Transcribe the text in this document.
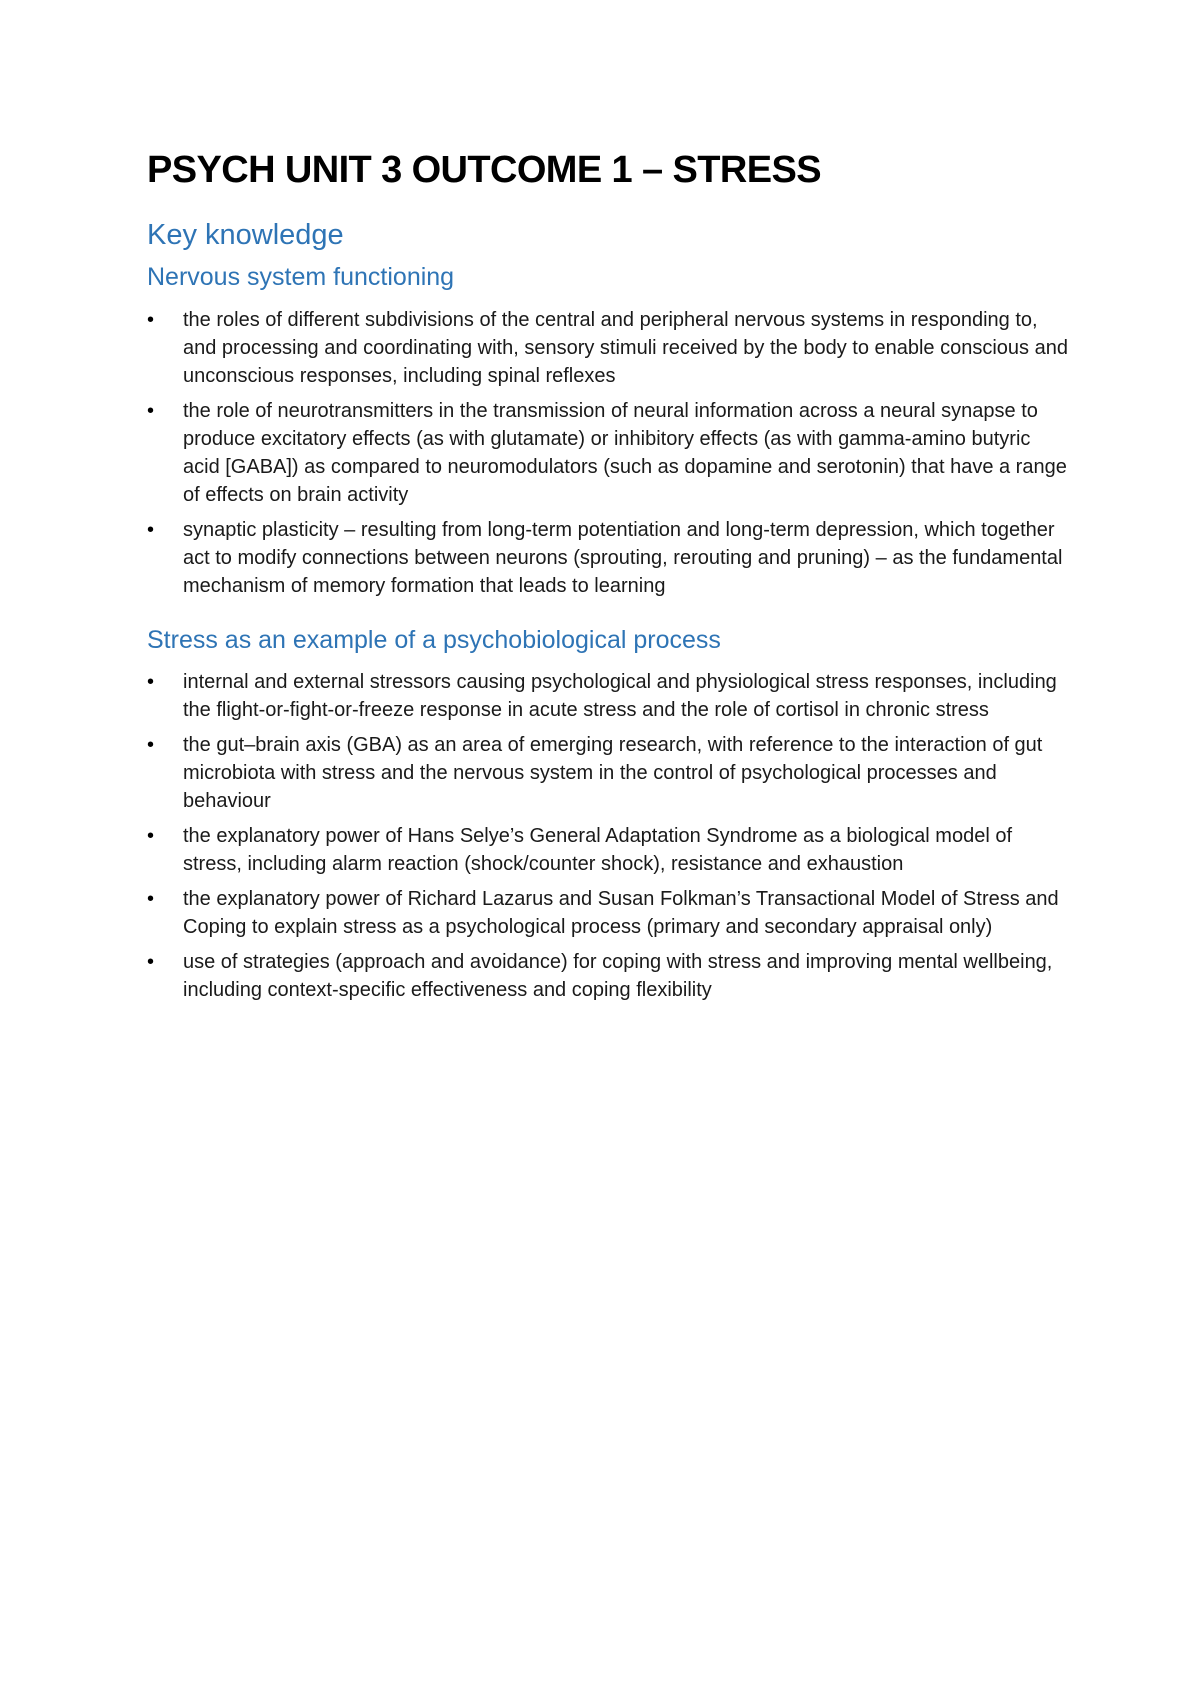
PSYCH UNIT 3 OUTCOME 1 – STRESS
Key knowledge
Nervous system functioning
• the roles of different subdivisions of the central and peripheral nervous systems in responding to, and processing and coordinating with, sensory stimuli received by the body to enable conscious and unconscious responses, including spinal reflexes
• the role of neurotransmitters in the transmission of neural information across a neural synapse to produce excitatory effects (as with glutamate) or inhibitory effects (as with gamma-amino butyric acid [GABA]) as compared to neuromodulators (such as dopamine and serotonin) that have a range of effects on brain activity
• synaptic plasticity – resulting from long-term potentiation and long-term depression, which together act to modify connections between neurons (sprouting, rerouting and pruning) – as the fundamental mechanism of memory formation that leads to learning
Stress as an example of a psychobiological process
• internal and external stressors causing psychological and physiological stress responses, including the flight-or-fight-or-freeze response in acute stress and the role of cortisol in chronic stress
• the gut–brain axis (GBA) as an area of emerging research, with reference to the interaction of gut microbiota with stress and the nervous system in the control of psychological processes and behaviour
• the explanatory power of Hans Selye’s General Adaptation Syndrome as a biological model of stress, including alarm reaction (shock/counter shock), resistance and exhaustion
• the explanatory power of Richard Lazarus and Susan Folkman’s Transactional Model of Stress and Coping to explain stress as a psychological process (primary and secondary appraisal only)
• use of strategies (approach and avoidance) for coping with stress and improving mental wellbeing, including context-specific effectiveness and coping flexibility
